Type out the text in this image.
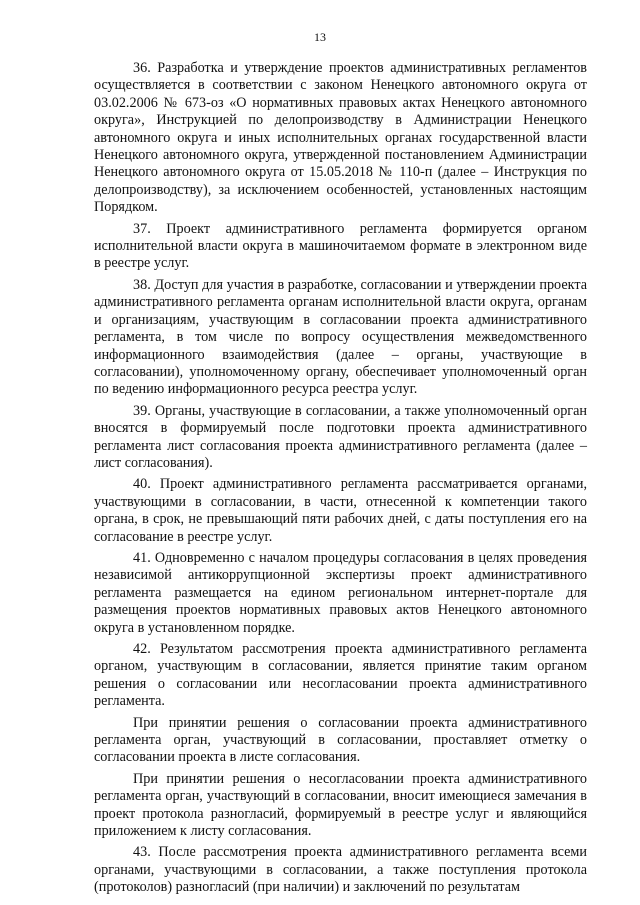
13

36. Разработка и утверждение проектов административных регламентов осуществляется в соответствии с законом Ненецкого автономного округа от 03.02.2006 № 673-оз «О нормативных правовых актах Ненецкого автономного округа», Инструкцией по делопроизводству в Администрации Ненецкого автономного округа и иных исполнительных органах государственной власти Ненецкого автономного округа, утвержденной постановлением Администрации Ненецкого автономного округа от 15.05.2018 № 110-п (далее – Инструкция по делопроизводству), за исключением особенностей, установленных настоящим Порядком.

37. Проект административного регламента формируется органом исполнительной власти округа в машиночитаемом формате в электронном виде в реестре услуг.

38. Доступ для участия в разработке, согласовании и утверждении проекта административного регламента органам исполнительной власти округа, органам и организациям, участвующим в согласовании проекта административного регламента, в том числе по вопросу осуществления межведомственного информационного взаимодействия (далее – органы, участвующие в согласовании), уполномоченному органу, обеспечивает уполномоченный орган по ведению информационного ресурса реестра услуг.

39. Органы, участвующие в согласовании, а также уполномоченный орган вносятся в формируемый после подготовки проекта административного регламента лист согласования проекта административного регламента (далее – лист согласования).

40. Проект административного регламента рассматривается органами, участвующими в согласовании, в части, отнесенной к компетенции такого органа, в срок, не превышающий пяти рабочих дней, с даты поступления его на согласование в реестре услуг.

41. Одновременно с началом процедуры согласования в целях проведения независимой антикоррупционной экспертизы проект административного регламента размещается на едином региональном интернет-портале для размещения проектов нормативных правовых актов Ненецкого автономного округа в установленном порядке.

42. Результатом рассмотрения проекта административного регламента органом, участвующим в согласовании, является принятие таким органом решения о согласовании или несогласовании проекта административного регламента.

При принятии решения о согласовании проекта административного регламента орган, участвующий в согласовании, проставляет отметку о согласовании проекта в листе согласования.

При принятии решения о несогласовании проекта административного регламента орган, участвующий в согласовании, вносит имеющиеся замечания в проект протокола разногласий, формируемый в реестре услуг и являющийся приложением к листу согласования.

43. После рассмотрения проекта административного регламента всеми органами, участвующими в согласовании, а также поступления протокола (протоколов) разногласий (при наличии) и заключений по результатам
